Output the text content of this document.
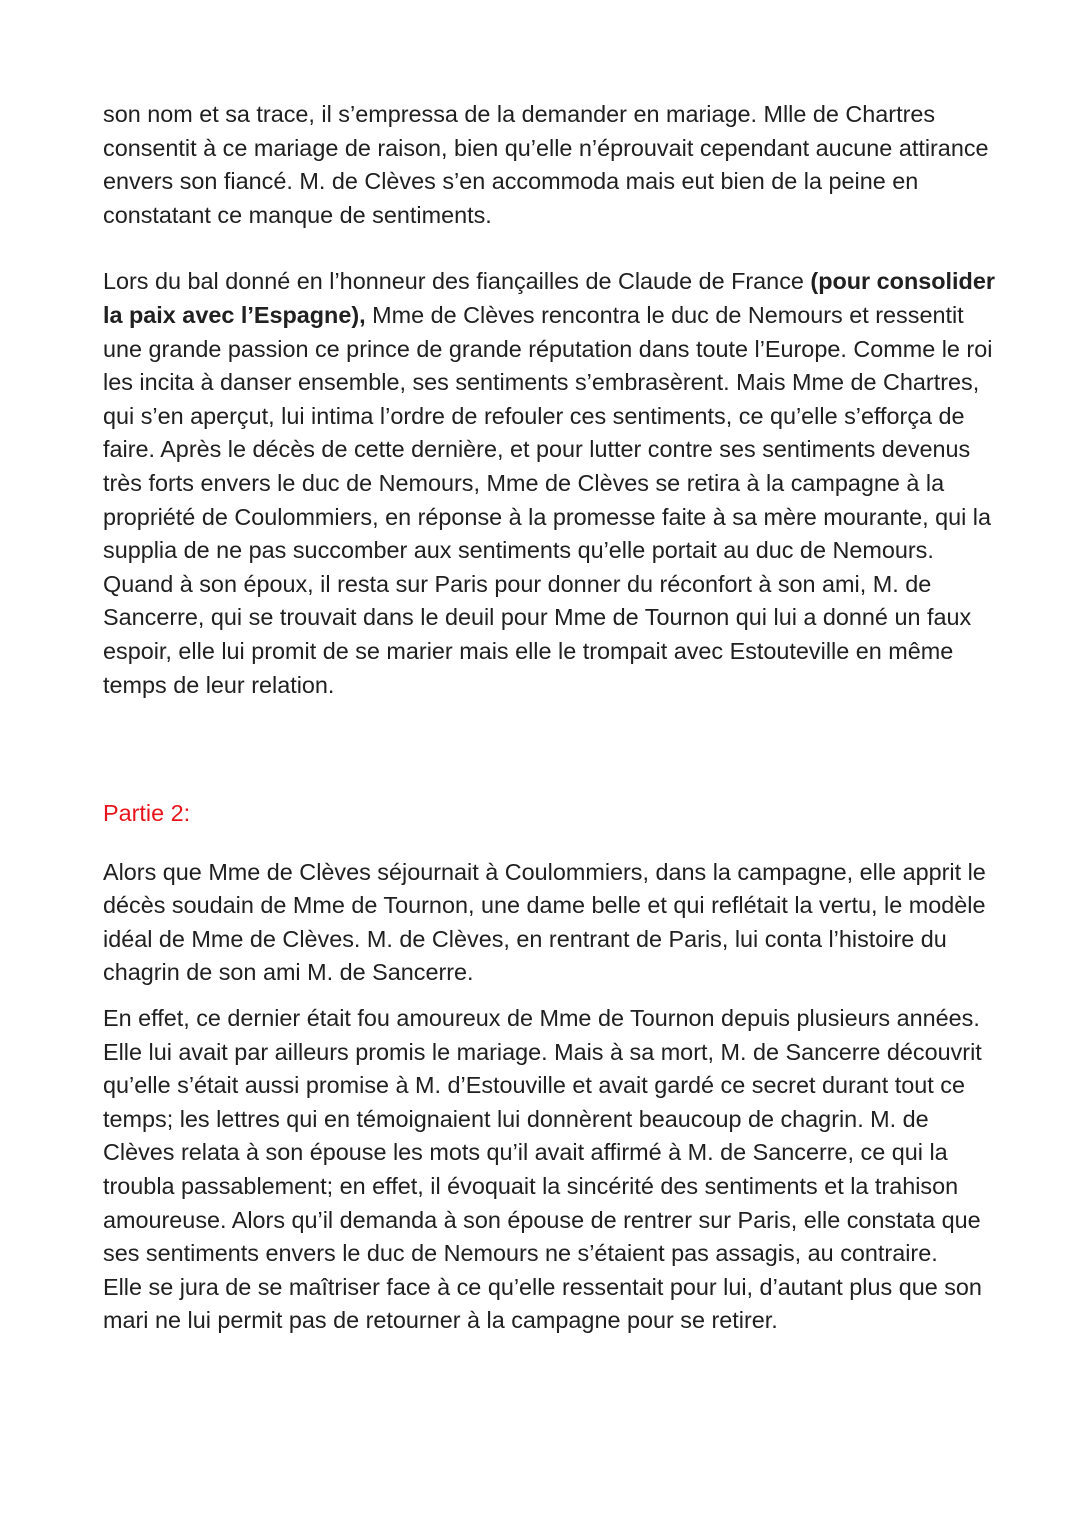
son nom et sa trace, il s’empressa de la demander en mariage. Mlle de Chartres consentit à ce mariage de raison, bien qu’elle n’éprouvait cependant aucune attirance envers son fiancé. M. de Clèves s’en accommoda mais eut bien de la peine en constatant ce manque de sentiments.

Lors du bal donné en l’honneur des fiançailles de Claude de France (pour consolider la paix avec l’Espagne), Mme de Clèves rencontra le duc de Nemours et ressentit une grande passion ce prince de grande réputation dans toute l’Europe. Comme le roi les incita à danser ensemble, ses sentiments s’embrasèrent. Mais Mme de Chartres, qui s’en aperçut, lui intima l’ordre de refouler ces sentiments, ce qu’elle s’efforça de faire. Après le décès de cette dernière, et pour lutter contre ses sentiments devenus très forts envers le duc de Nemours, Mme de Clèves se retira à la campagne à la propriété de Coulommiers, en réponse à la promesse faite à sa mère mourante, qui la supplia de ne pas succomber aux sentiments qu’elle portait au duc de Nemours. Quand à son époux, il resta sur Paris pour donner du réconfort à son ami, M. de Sancerre, qui se trouvait dans le deuil pour Mme de Tournon qui lui a donné un faux espoir, elle lui promit de se marier mais elle le trompait avec Estouteville en même temps de leur relation.

Partie 2:

Alors que Mme de Clèves séjournait à Coulommiers, dans la campagne, elle apprit le décès soudain de Mme de Tournon, une dame belle et qui reflétait la vertu, le modèle idéal de Mme de Clèves. M. de Clèves, en rentrant de Paris, lui conta l’histoire du chagrin de son ami M. de Sancerre.

En effet, ce dernier était fou amoureux de Mme de Tournon depuis plusieurs années. Elle lui avait par ailleurs promis le mariage. Mais à sa mort, M. de Sancerre découvrit qu’elle s’était aussi promise à M. d’Estouville et avait gardé ce secret durant tout ce temps; les lettres qui en témoignaient lui donnèrent beaucoup de chagrin. M. de Clèves relata à son épouse les mots qu’il avait affirmé à M. de Sancerre, ce qui la troubla passablement; en effet, il évoquait la sincérité des sentiments et la trahison amoureuse. Alors qu’il demanda à son épouse de rentrer sur Paris, elle constata que ses sentiments envers le duc de Nemours ne s’étaient pas assagis, au contraire.

Elle se jura de se maîtriser face à ce qu’elle ressentait pour lui, d’autant plus que son mari ne lui permit pas de retourner à la campagne pour se retirer.
